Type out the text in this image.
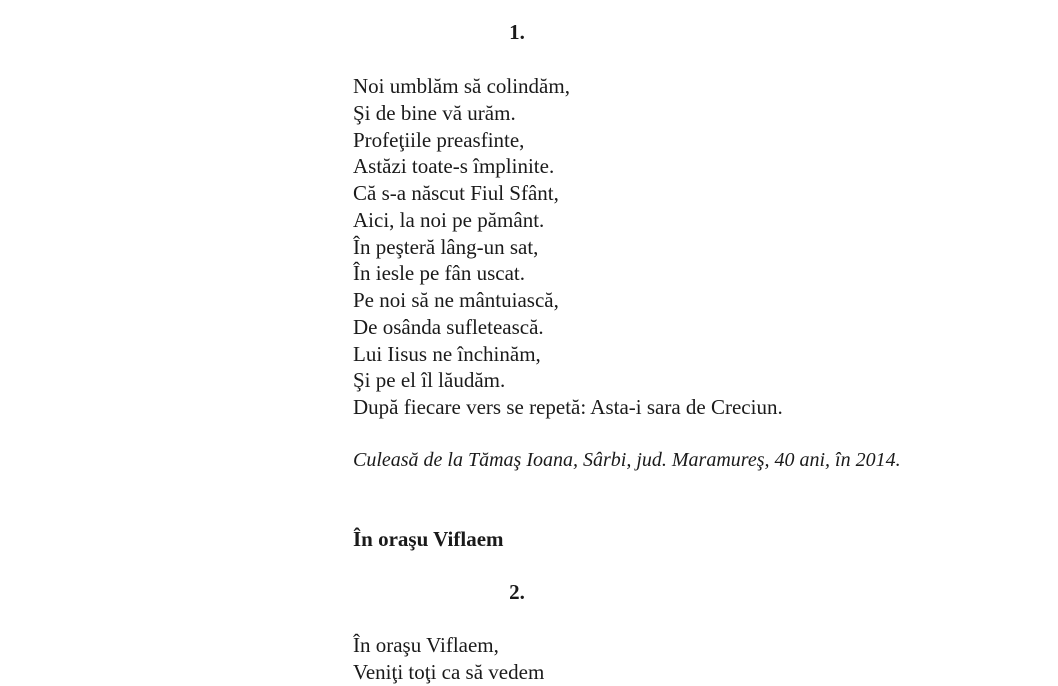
1.
Noi umblăm să colindăm,
Şi de bine vă urăm.
Profeţiile preasfinte,
Astăzi toate-s împlinite.
Că s-a născut Fiul Sfânt,
Aici, la noi pe pământ.
În peşteră lâng-un sat,
În iesle pe fân uscat.
Pe noi să ne mântuiască,
De osânda sufletească.
Lui Iisus ne închinăm,
Şi pe el îl lăudăm.
După fiecare vers se repetă: Asta-i sara de Creciun.
Culeasă de la Tămaş Ioana, Sârbi, jud. Maramureş, 40 ani, în 2014.
În oraşu Viflaem
2.
În oraşu Viflaem,
Veniţi toţi ca să vedem
